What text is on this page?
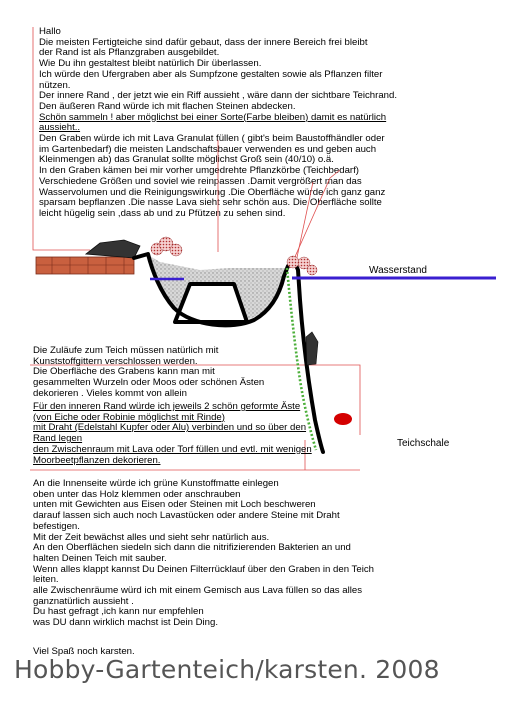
Hallo
Die meisten Fertigteiche sind dafür gebaut, dass der innere Bereich frei bleibt
der Rand ist als Pflanzgraben ausgebildet.
Wie Du ihn gestaltest bleibt natürlich Dir überlassen.
Ich würde den Ufergraben aber als Sumpfzone gestalten sowie als Pflanzen filter
nützen.
Der innere Rand , der jetzt wie ein Riff aussieht , wäre dann der sichtbare Teichrand.
Den äußeren Rand würde ich mit flachen Steinen abdecken.
Schön sammeln ! aber möglichst bei einer Sorte(Farbe bleiben) damit es natürlich
aussieht..
Den Graben würde ich mit Lava Granulat füllen ( gibt's beim Baustoffhändler oder
im Gartenbedarf) die meisten Landschaftsbauer verwenden es und geben auch
Kleinmengen ab) das Granulat sollte möglichst Groß sein (40/10) o.ä.
In den Graben kämen bei mir vorher umgedrehte Pflanzkörbe (Teichbedarf)
Verschiedene Größen und soviel wie reinpassen .Damit vergrößert man das
Wasservolumen und die Reinigungswirkung .Die Oberfläche würde ich ganz ganz
sparsam bepflanzen .Die nasse Lava sieht sehr schön aus. Die Oberfläche sollte
leicht hügelig sein ,dass ab und zu Pfützen zu sehen sind.
Wasserstand
Teichschale
Die Zuläufe zum Teich müssen natürlich mit
Kunststoffgittern verschlossen werden.
Die Oberfläche des Grabens kann man mit
gesammelten Wurzeln oder Moos oder schönen Ästen
dekorieren . Vieles kommt von allein
Für den inneren Rand würde ich jeweils 2 schön geformte Äste
(von Eiche oder Robinie möglichst mit Rinde)
mit Draht (Edelstahl Kupfer oder Alu) verbinden und so über den
Rand legen
den Zwischenraum mit Lava oder Torf füllen und evtl. mit wenigen
Moorbeetpflanzen dekorieren.
An die Innenseite würde ich grüne Kunstoffmatte einlegen
oben unter das Holz klemmen oder anschrauben
unten mit Gewichten aus Eisen oder Steinen mit Loch beschweren
darauf lassen sich auch noch Lavastücken oder andere Steine mit Draht
befestigen.
Mit der Zeit bewächst alles und sieht sehr natürlich aus.
An den Oberflächen siedeln sich dann die nitrifizierenden Bakterien an und
halten Deinen Teich mit sauber.
Wenn alles klappt kannst Du Deinen Filterrücklauf über den Graben in den Teich
leiten.
alle Zwischenräume würd ich mit einem Gemisch aus Lava füllen so das alles
ganznatürlich aussieht .
Du hast gefragt ,ich kann nur empfehlen
was DU dann wirklich machst ist Dein Ding.
Viel Spaß noch karsten.
Hobby-Gartenteich/karsten. 2008
